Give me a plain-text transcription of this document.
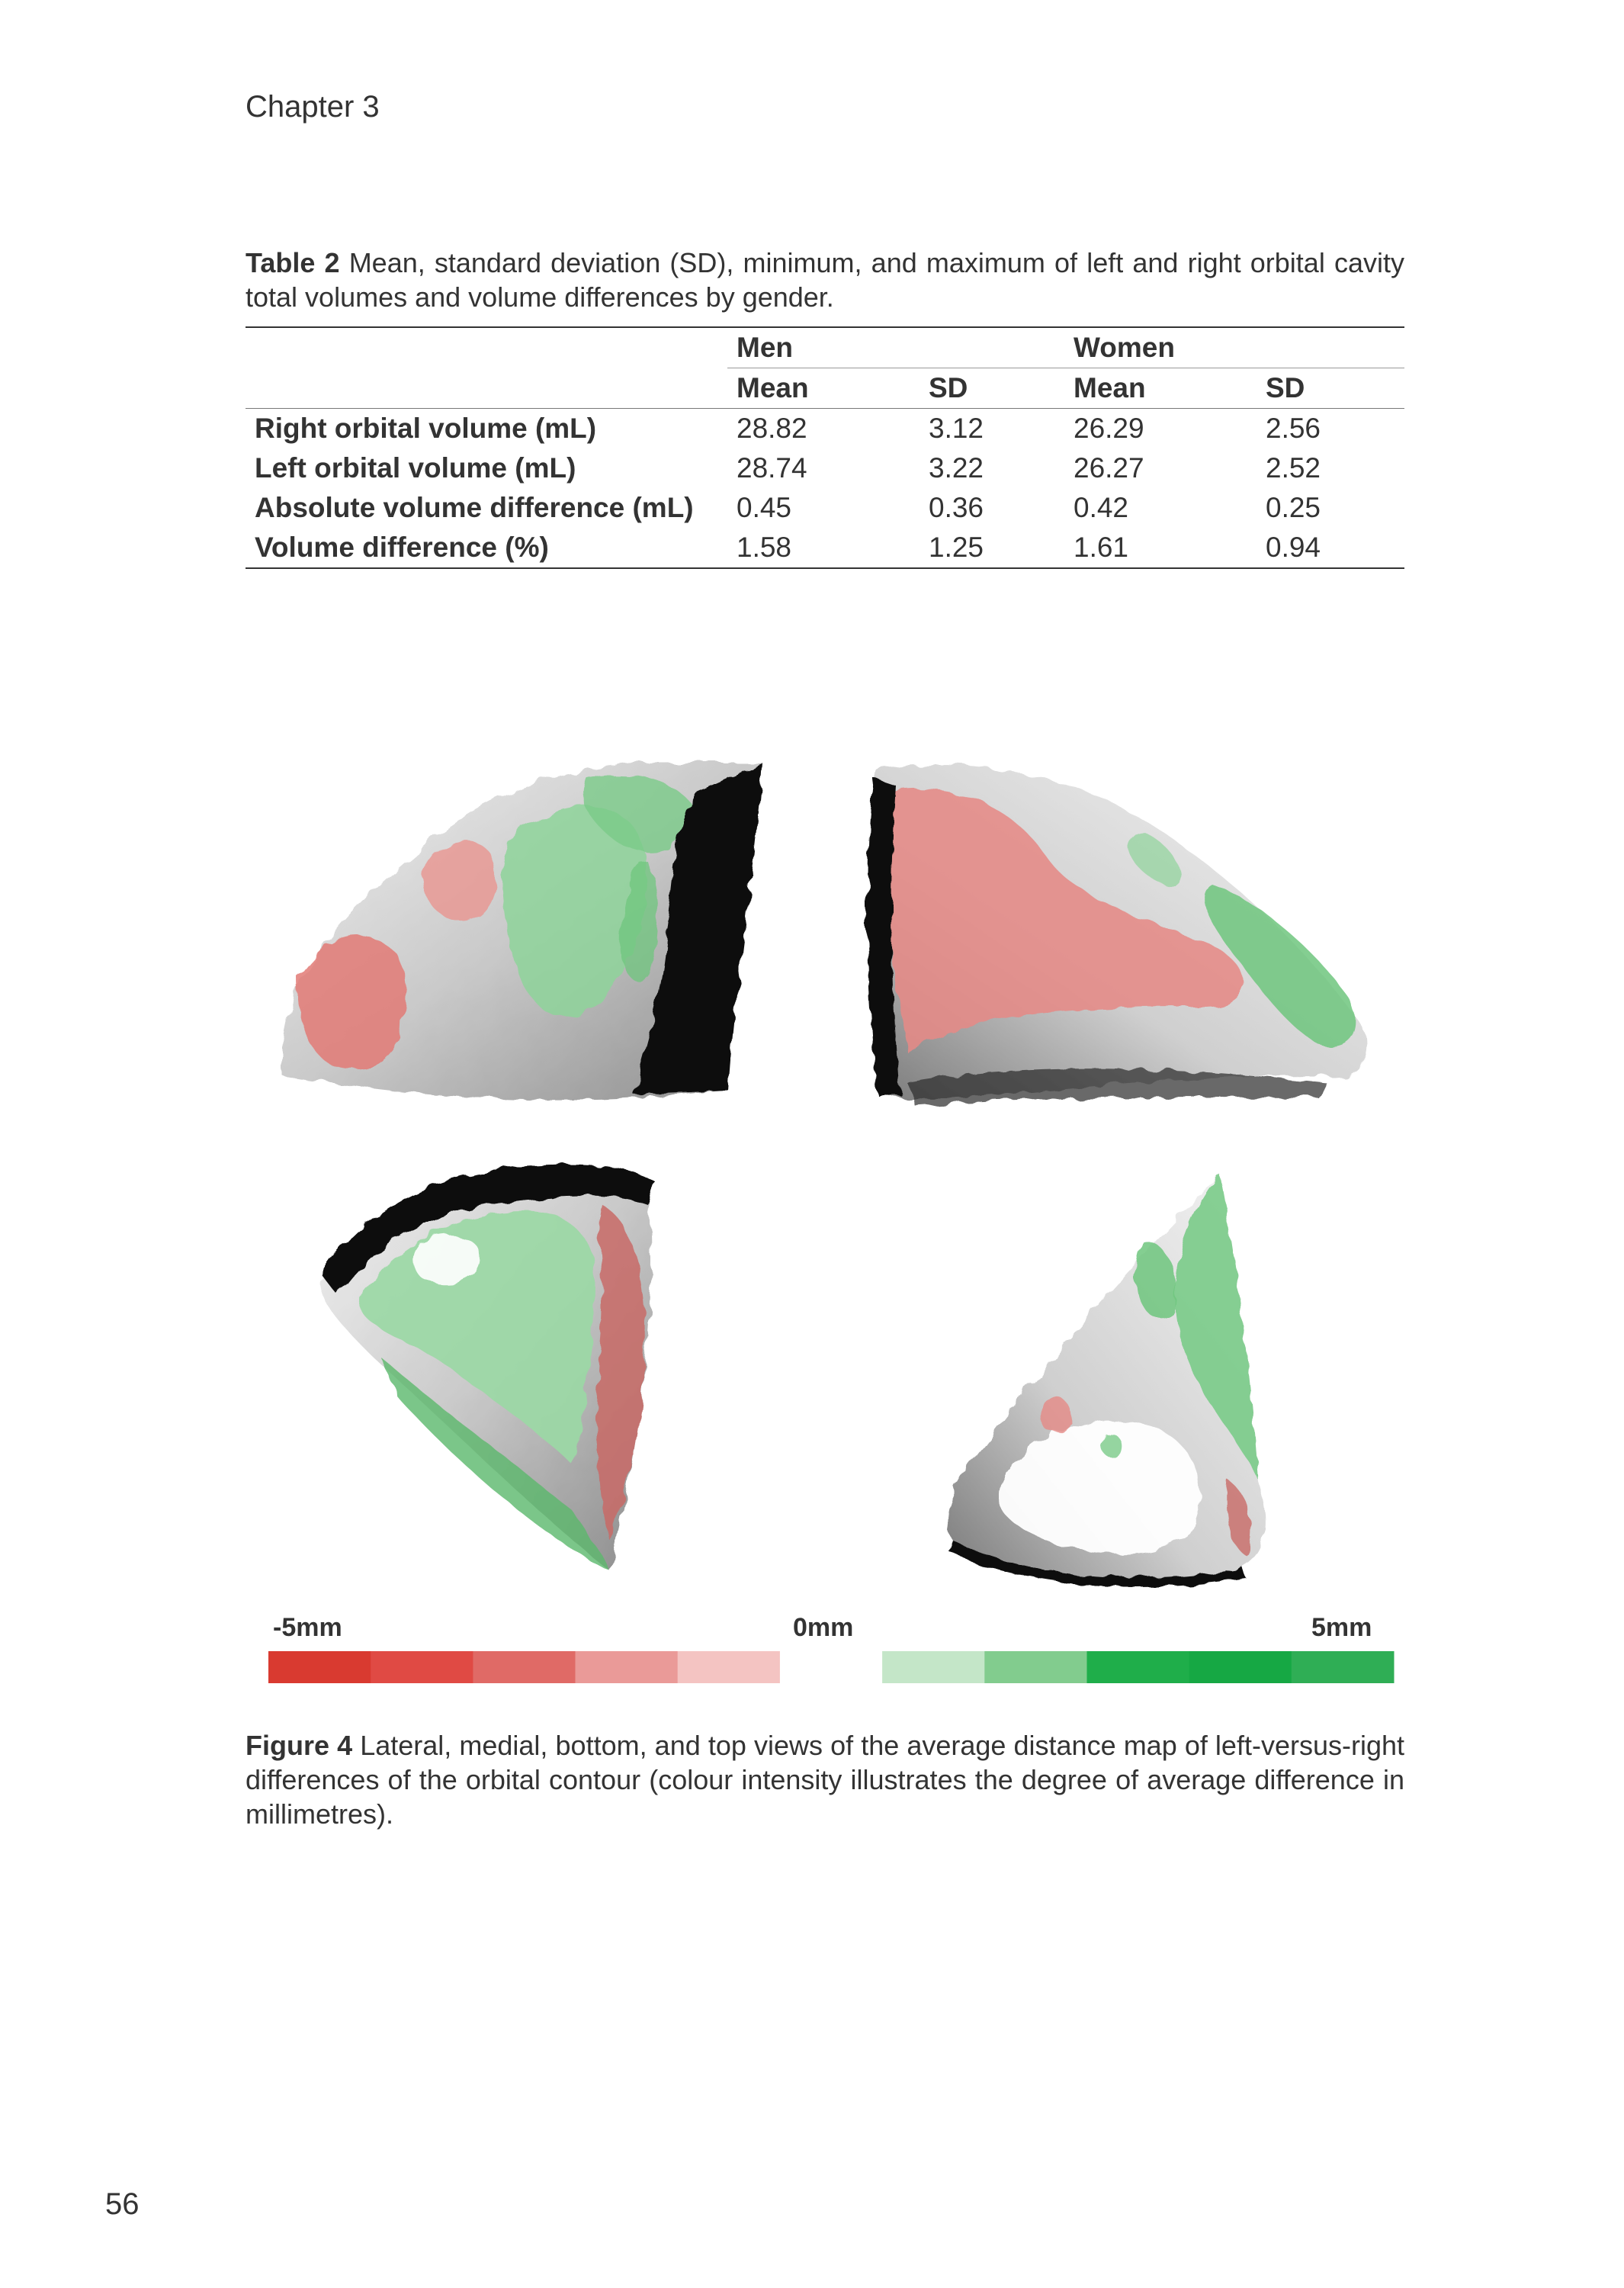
Chapter 3
Table 2 Mean, standard deviation (SD), minimum, and maximum of left and right orbital cavity total volumes and volume differences by gender.
	Men		Women	
	Mean	SD	Mean	SD
Right orbital volume (mL)	28.82	3.12	26.29	2.56
Left orbital volume (mL)	28.74	3.22	26.27	2.52
Absolute volume difference (mL)	0.45	0.36	0.42	0.25
Volume difference (%)	1.58	1.25	1.61	0.94
-5mm	0mm	5mm
Figure 4 Lateral, medial, bottom, and top views of the average distance map of left-versus-right differences of the orbital contour (colour intensity illustrates the degree of average difference in millimetres).
56
